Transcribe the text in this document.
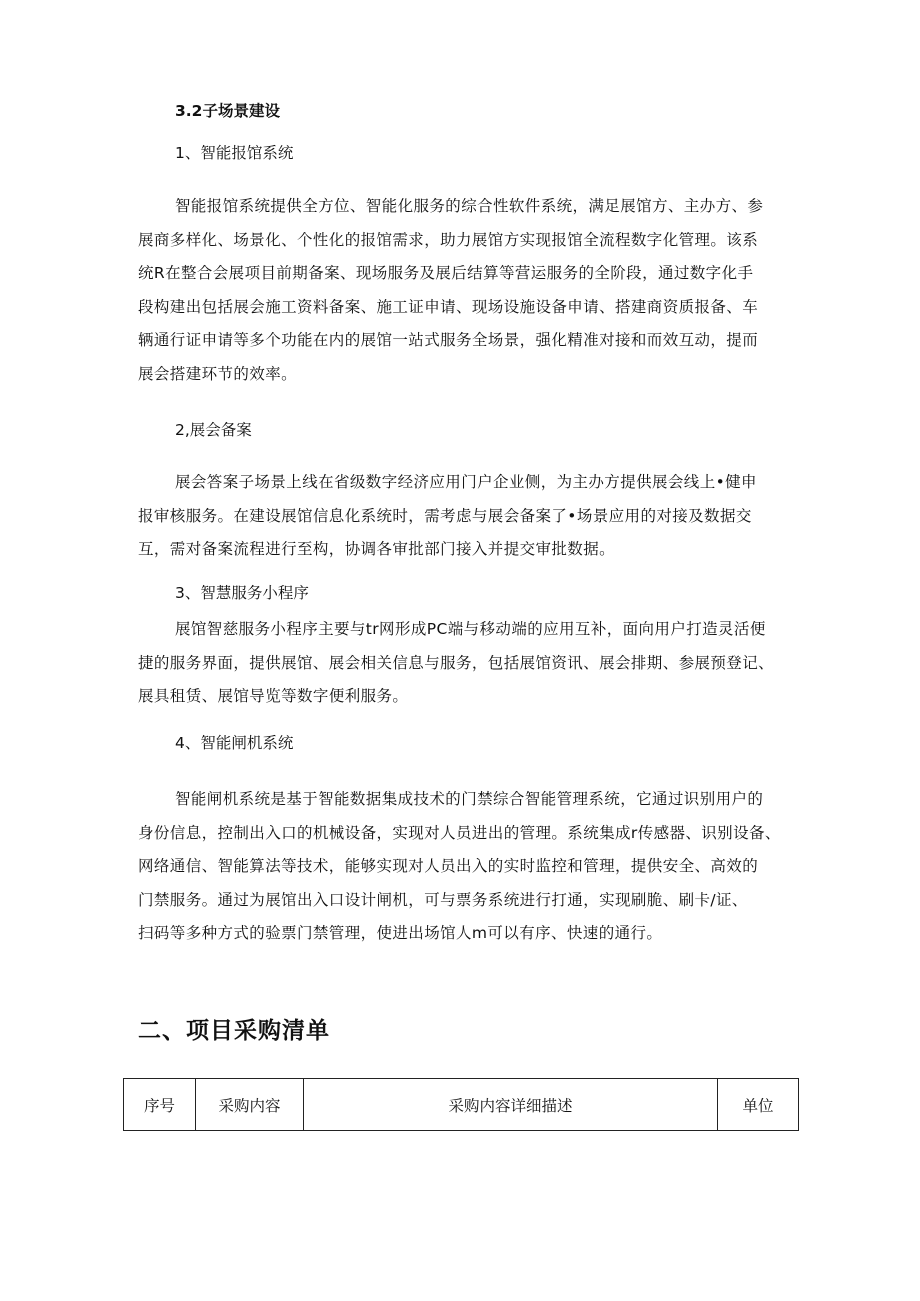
3.2子场景建设
1、智能报馆系统
智能报馆系统提供全方位、智能化服务的综合性软件系统，满足展馆方、主办方、参
展商多样化、场景化、个性化的报馆需求，助力展馆方实现报馆全流程数字化管理。该系
统R在整合会展项目前期备案、现场服务及展后结算等营运服务的全阶段，通过数字化手
段构建出包括展会施工资料备案、施工证申请、现场设施设备申请、搭建商资质报备、车
辆通行证申请等多个功能在内的展馆一站式服务全场景，强化精准对接和而效互动，提而
展会搭建环节的效率。
2,展会备案
展会答案子场景上线在省级数字经济应用门户企业侧，为主办方提供展会线上•健申
报审核服务。在建设展馆信息化系统时，需考虑与展会备案了•场景应用的对接及数据交
互，需对备案流程进行至构，协调各审批部门接入并提交审批数据。
3、智慧服务小程序
展馆智慈服务小程序主要与tr网形成PC端与移动端的应用互补，面向用户打造灵活便
捷的服务界面，提供展馆、展会相关信息与服务，包括展馆资讯、展会排期、参展预登记、
展具租赁、展馆导览等数字便利服务。
4、智能闸机系统
智能闸机系统是基于智能数据集成技术的门禁综合智能管理系统，它通过识别用户的
身份信息，控制出入口的机械设备，实现对人员进出的管理。系统集成r传感器、识别设备、
网络通信、智能算法等技术，能够实现对人员出入的实时监控和管理，提供安全、高效的
门禁服务。通过为展馆出入口设计闸机，可与票务系统进行打通，实现刷脆、刷卡/证、
扫码等多种方式的验票门禁管理，使进出场馆人m可以有序、快速的通行。
二、项目采购清单
序号	采购内容	采购内容详细描述	单位
